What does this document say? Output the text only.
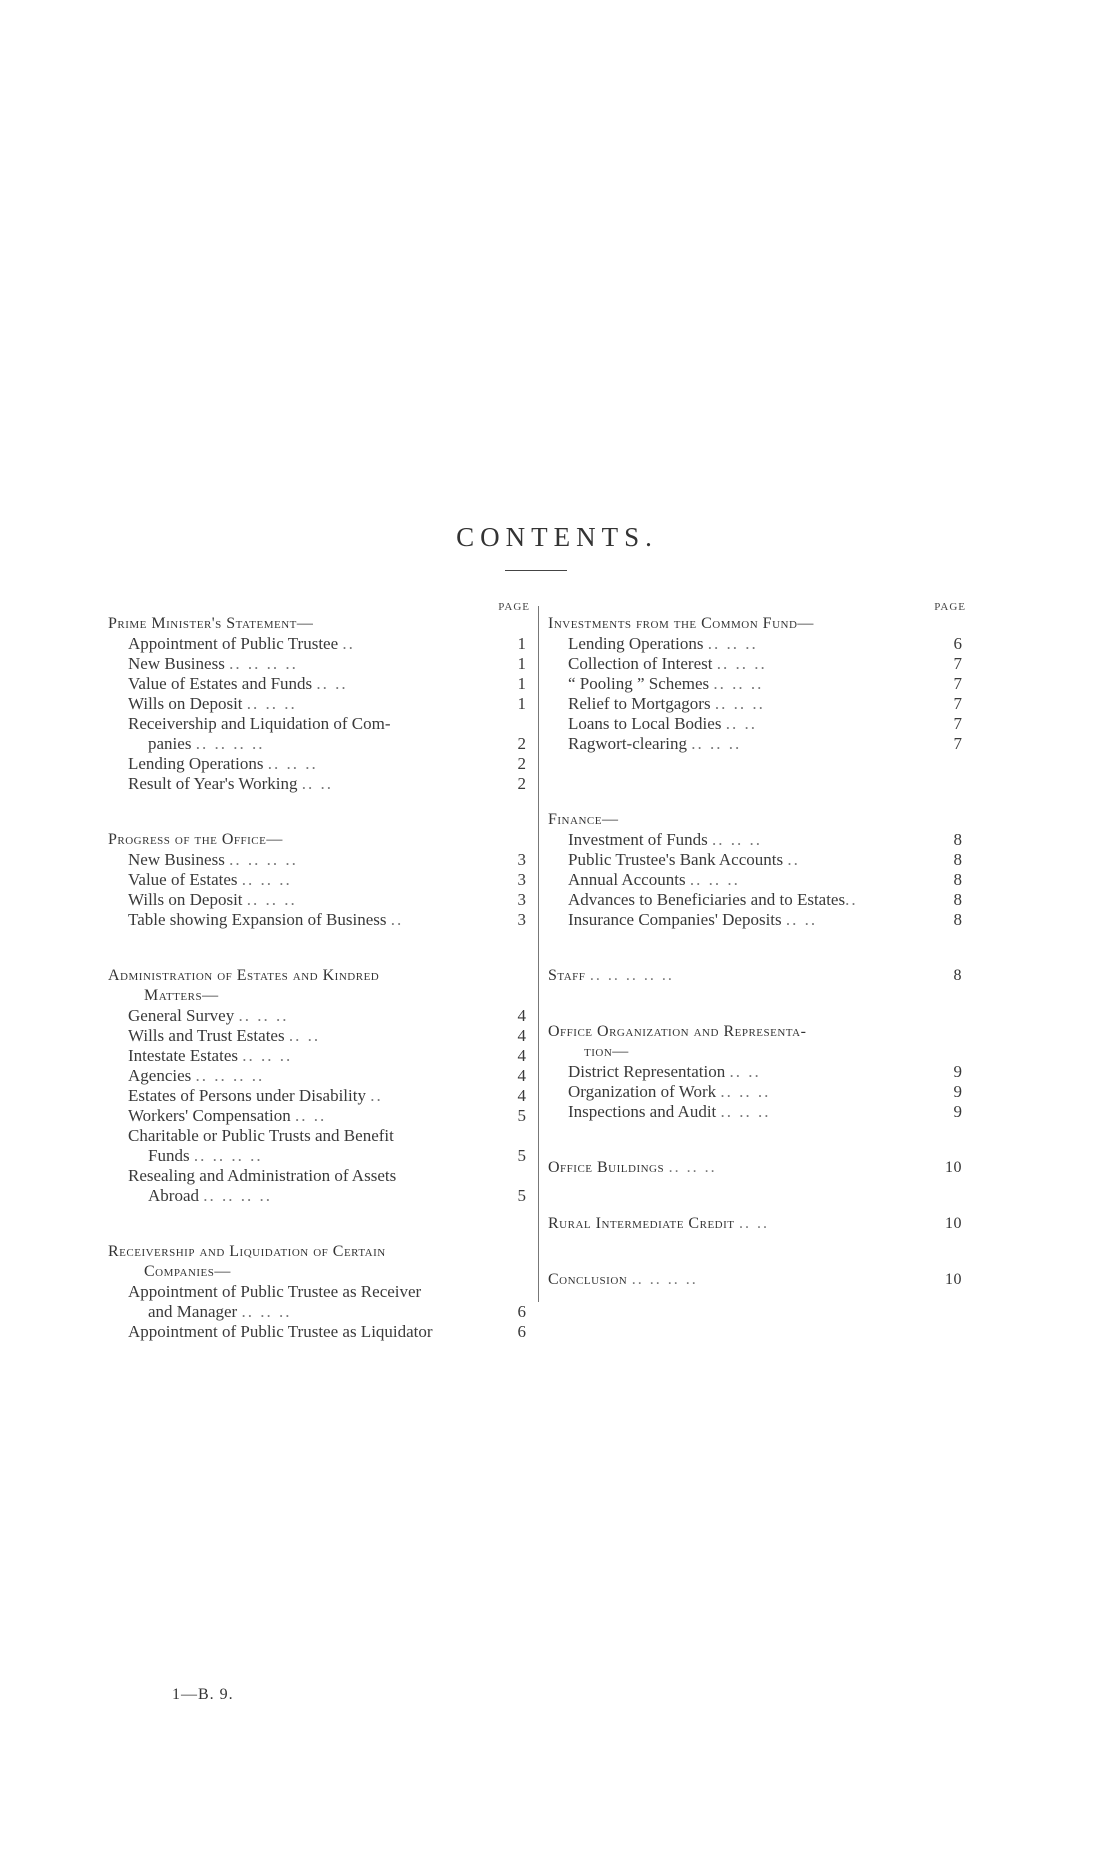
CONTENTS.
PAGE
Prime Minister's Statement—
Appointment of Public Trustee ..	1
New Business .. .. .. ..	1
Value of Estates and Funds .. ..	1
Wills on Deposit .. .. ..	1
Receivership and Liquidation of Com-
panies .. .. .. ..	2
Lending Operations .. .. ..	2
Result of Year's Working .. ..	2
Progress of the Office—
New Business .. .. .. ..	3
Value of Estates .. .. ..	3
Wills on Deposit .. .. ..	3
Table showing Expansion of Business ..	3
Administration of Estates and Kindred
Matters—
General Survey .. .. ..	4
Wills and Trust Estates .. ..	4
Intestate Estates .. .. ..	4
Agencies .. .. .. ..	4
Estates of Persons under Disability ..	4
Workers' Compensation .. ..	5
Charitable or Public Trusts and Benefit
Funds .. .. .. ..	5
Resealing and Administration of Assets
Abroad .. .. .. ..	5
Receivership and Liquidation of Certain
Companies—
Appointment of Public Trustee as Receiver
and Manager .. .. ..	6
Appointment of Public Trustee as Liquidator	6
PAGE
Investments from the Common Fund—
Lending Operations .. .. ..	6
Collection of Interest .. .. ..	7
“ Pooling ” Schemes .. .. ..	7
Relief to Mortgagors .. .. ..	7
Loans to Local Bodies .. ..	7
Ragwort-clearing .. .. ..	7
Finance—
Investment of Funds .. .. ..	8
Public Trustee's Bank Accounts ..	8
Annual Accounts .. .. ..	8
Advances to Beneficiaries and to Estates..	8
Insurance Companies' Deposits .. ..	8
Staff .. .. .. .. ..	8
Office Organization and Representa-
tion—
District Representation .. ..	9
Organization of Work .. .. ..	9
Inspections and Audit .. .. ..	9
Office Buildings .. .. ..	10
Rural Intermediate Credit .. ..	10
Conclusion .. .. .. ..	10
1—B. 9.
